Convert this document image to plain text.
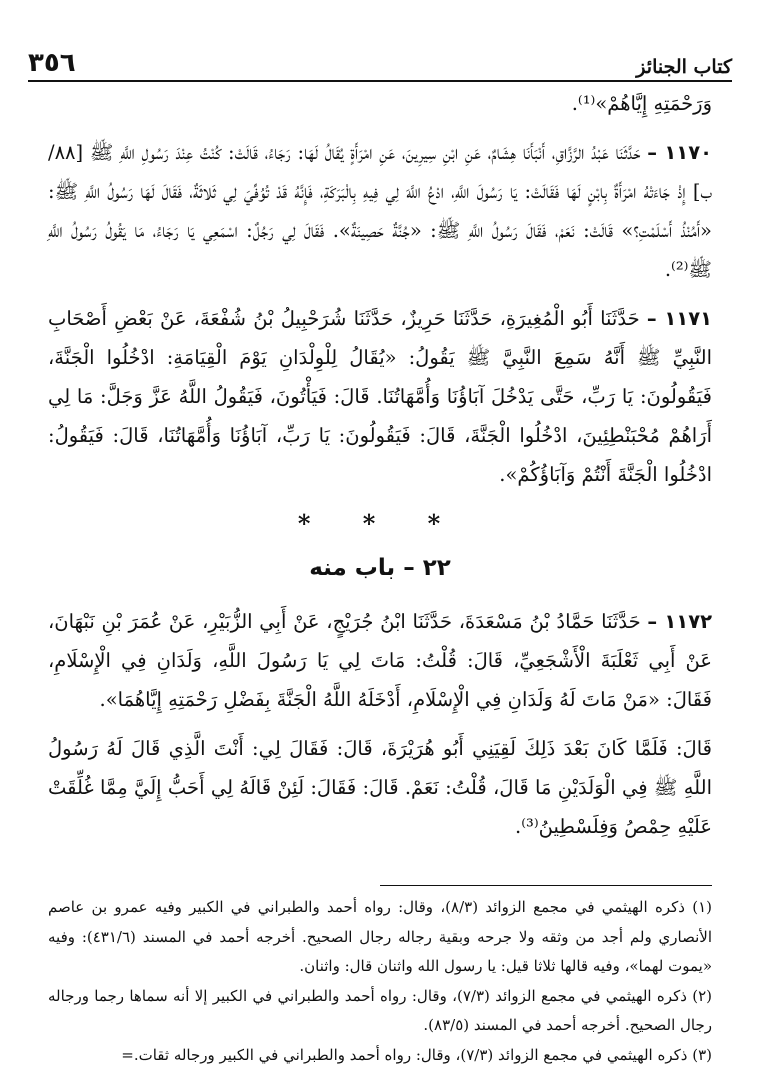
٣٥٦	كتاب الجنائز

وَرَحْمَتِهِ إِيَّاهُمْ»⁽¹⁾.

١١٧٠ – حَدَّثَنَا عَبْدُ الرَّزَّاقِ، أَنْبَأَنَا هِشَامٌ، عَنِ ابْنِ سِيرِينَ، عَنِ امْرَأَةٍ يُقَالُ لَهَا: رَجَاءُ، قَالَتْ: كُنْتُ عِنْدَ رَسُولِ اللَّهِ ﷺ [٨٨/ب] إِذْ جَاءَتْهُ امْرَأَةٌ بِابْنٍ لَهَا فَقَالَتْ: يَا رَسُولَ اللَّهِ، ادْعُ اللَّهَ لِي فِيهِ بِالْبَرَكَةِ، فَإِنَّهُ قَدْ تُوُفِّيَ لِي ثَلاثَةٌ، فَقَالَ لَهَا رَسُولُ اللَّهِ ﷺ: «أَمُنْذُ أَسْلَمْتِ؟» قَالَتْ: نَعَمْ، فَقَالَ رَسُولُ اللَّهِ ﷺ: «جُنَّةٌ حَصِينَةٌ». فَقَالَ لِي رَجُلٌ: اسْمَعِي يَا رَجَاءُ، مَا يَقُولُ رَسُولُ اللَّهِ ﷺ⁽²⁾.

١١٧١ – حَدَّثَنَا أَبُو الْمُغِيرَةِ، حَدَّثَنَا حَرِيزٌ، حَدَّثَنَا شُرَحْبِيلُ بْنُ شُفْعَةَ، عَنْ بَعْضِ أَصْحَابِ النَّبِيِّ ﷺ أَنَّهُ سَمِعَ النَّبِيَّ ﷺ يَقُولُ: «يُقَالُ لِلْوِلْدَانِ يَوْمَ الْقِيَامَةِ: ادْخُلُوا الْجَنَّةَ، فَيَقُولُونَ: يَا رَبِّ، حَتَّى يَدْخُلَ آبَاؤُنَا وَأُمَّهَاتُنَا. قَالَ: فَيَأْتُونَ، فَيَقُولُ اللَّهُ عَزَّ وَجَلَّ: مَا لِي أَرَاهُمْ مُحْبَنْطِئِينَ، ادْخُلُوا الْجَنَّةَ، قَالَ: فَيَقُولُونَ: يَا رَبِّ، آبَاؤُنَا وَأُمَّهَاتُنَا، قَالَ: فَيَقُولُ: ادْخُلُوا الْجَنَّةَ أَنْتُمْ وَآبَاؤُكُمْ».

* * *
٢٢ – باب منه

١١٧٢ – حَدَّثَنَا حَمَّادُ بْنُ مَسْعَدَةَ، حَدَّثَنَا ابْنُ جُرَيْجٍ، عَنْ أَبِي الزُّبَيْرِ، عَنْ عُمَرَ بْنِ نَبْهَانَ، عَنْ أَبِي ثَعْلَبَةَ الْأَشْجَعِيِّ، قَالَ: قُلْتُ: مَاتَ لِي يَا رَسُولَ اللَّهِ، وَلَدَانِ فِي الْإِسْلَامِ، فَقَالَ: «مَنْ مَاتَ لَهُ وَلَدَانِ فِي الْإِسْلَامِ، أَدْخَلَهُ اللَّهُ الْجَنَّةَ بِفَضْلِ رَحْمَتِهِ إِيَّاهُمَا».

قَالَ: فَلَمَّا كَانَ بَعْدَ ذَلِكَ لَقِيَنِي أَبُو هُرَيْرَةَ، قَالَ: فَقَالَ لِي: أَنْتَ الَّذِي قَالَ لَهُ رَسُولُ اللَّهِ ﷺ فِي الْوَلَدَيْنِ مَا قَالَ، قُلْتُ: نَعَمْ. قَالَ: فَقَالَ: لَئِنْ قَالَهُ لِي أَحَبُّ إِلَيَّ مِمَّا غُلِّقَتْ عَلَيْهِ حِمْصُ وَفِلَسْطِينُ⁽³⁾.

(١) ذكره الهيثمي في مجمع الزوائد (٨/٣)، وقال: رواه أحمد والطبراني في الكبير وفيه عمرو بن عاصم الأنصاري ولم أجد من وثقه ولا جرحه وبقية رجاله رجال الصحيح. أخرجه أحمد في المسند (٤٣١/٦): وفيه «يموت لهما»، وفيه قالها ثلاثا قيل: يا رسول الله واثنان قال: واثنان.

(٢) ذكره الهيثمي في مجمع الزوائد (٧/٣)، وقال: رواه أحمد والطبراني في الكبير إلا أنه سماها رجما ورجاله رجال الصحيح. أخرجه أحمد في المسند (٨٣/٥).

(٣) ذكره الهيثمي في مجمع الزوائد (٧/٣)، وقال: رواه أحمد والطبراني في الكبير ورجاله ثقات.=
